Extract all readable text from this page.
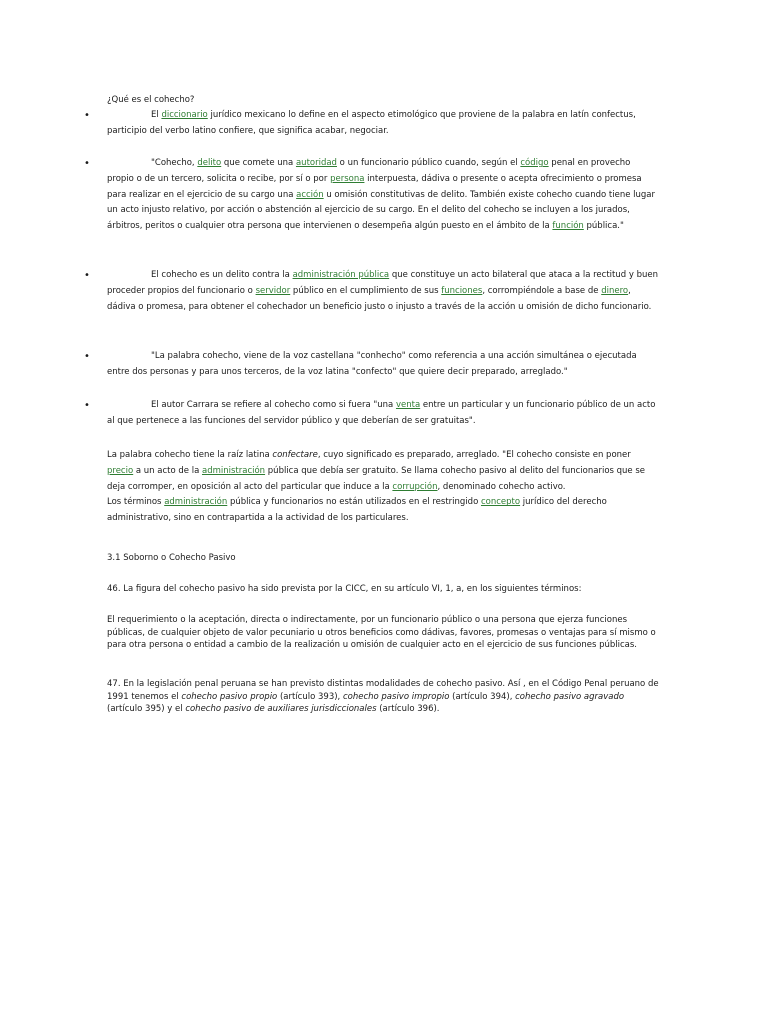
¿Qué es el cohecho?

•	El diccionario jurídico mexicano lo define en el aspecto etimológico que proviene de la palabra en latín confectus, participio del verbo latino confiere, que significa acabar, negociar.

•	"Cohecho, delito que comete una autoridad o un funcionario público cuando, según el código penal en provecho propio o de un tercero, solicita o recibe, por sí o por persona interpuesta, dádiva o presente o acepta ofrecimiento o promesa para realizar en el ejercicio de su cargo una acción u omisión constitutivas de delito. También existe cohecho cuando tiene lugar un acto injusto relativo, por acción o abstención al ejercicio de su cargo. En el delito del cohecho se incluyen a los jurados, árbitros, peritos o cualquier otra persona que intervienen o desempeña algún puesto en el ámbito de la función pública."

•	El cohecho es un delito contra la administración pública que constituye un acto bilateral que ataca a la rectitud y buen proceder propios del funcionario o servidor público en el cumplimiento de sus funciones, corrompiéndole a base de dinero, dádiva o promesa, para obtener el cohechador un beneficio justo o injusto a través de la acción u omisión de dicho funcionario.

•	"La palabra cohecho, viene de la voz castellana "conhecho" como referencia a una acción simultánea o ejecutada entre dos personas y para unos terceros, de la voz latina "confecto" que quiere decir preparado, arreglado."

•	El autor Carrara se refiere al cohecho como si fuera "una venta entre un particular y un funcionario público de un acto al que pertenece a las funciones del servidor público y que deberían de ser gratuitas".

La palabra cohecho tiene la raíz latina confectare, cuyo significado es preparado, arreglado. "El cohecho consiste en poner precio a un acto de la administración pública que debía ser gratuito. Se llama cohecho pasivo al delito del funcionarios que se deja corromper, en oposición al acto del particular que induce a la corrupción, denominado cohecho activo.
Los términos administración pública y funcionarios no están utilizados en el restringido concepto jurídico del derecho administrativo, sino en contrapartida a la actividad de los particulares.

3.1 Soborno o Cohecho Pasivo

46. La figura del cohecho pasivo ha sido prevista por la CICC, en su artículo VI, 1, a, en los siguientes términos:

El requerimiento o la aceptación, directa o indirectamente, por un funcionario público o una persona que ejerza funciones públicas, de cualquier objeto de valor pecuniario u otros beneficios como dádivas, favores, promesas o ventajas para sí mismo o para otra persona o entidad a cambio de la realización u omisión de cualquier acto en el ejercicio de sus funciones públicas.

47. En la legislación penal peruana se han previsto distintas modalidades de cohecho pasivo. Así , en el Código Penal peruano de 1991 tenemos el cohecho pasivo propio (artículo 393), cohecho pasivo impropio (artículo 394), cohecho pasivo agravado (artículo 395) y el cohecho pasivo de auxiliares jurisdiccionales (artículo 396).
